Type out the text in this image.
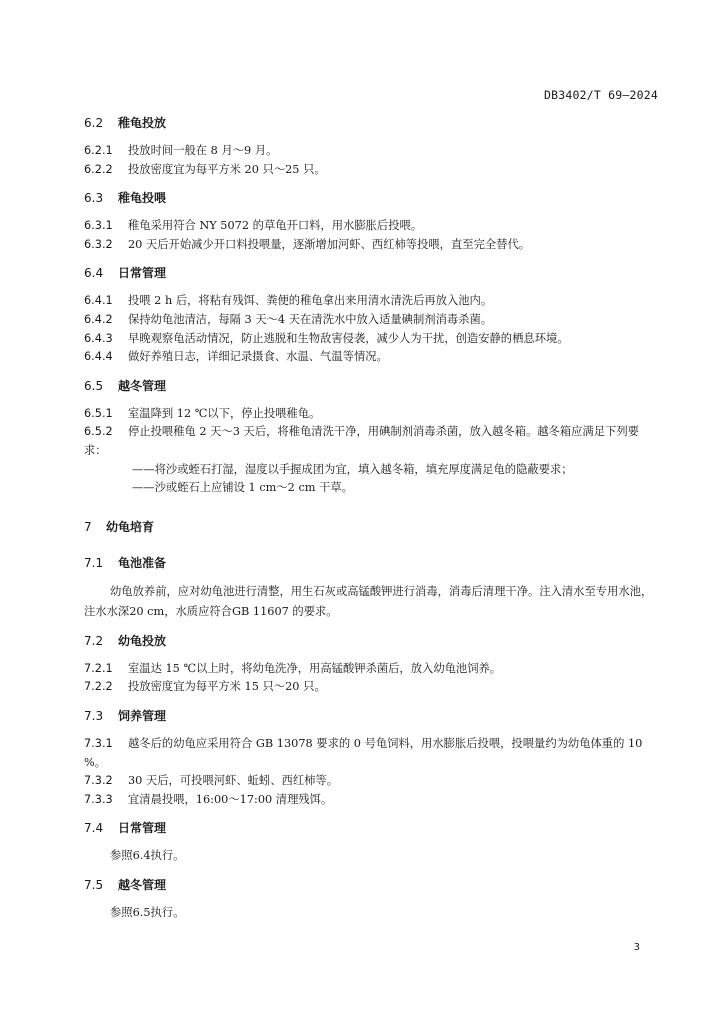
DB3402/T 69—2024
6.2 稚龟投放
6.2.1 投放时间一般在 8 月～9 月。
6.2.2 投放密度宜为每平方米 20 只～25 只。
6.3 稚龟投喂
6.3.1 稚龟采用符合 NY 5072 的草龟开口料，用水膨胀后投喂。
6.3.2 20 天后开始减少开口料投喂量，逐渐增加河虾、西红柿等投喂，直至完全替代。
6.4 日常管理
6.4.1 投喂 2 h 后，将粘有残饵、粪便的稚龟拿出来用清水清洗后再放入池内。
6.4.2 保持幼龟池清洁，每隔 3 天～4 天在清洗水中放入适量碘制剂消毒杀菌。
6.4.3 早晚观察龟活动情况，防止逃脱和生物敌害侵袭，减少人为干扰，创造安静的栖息环境。
6.4.4 做好养殖日志，详细记录摄食、水温、气温等情况。
6.5 越冬管理
6.5.1 室温降到 12 ℃以下，停止投喂稚龟。
6.5.2 停止投喂稚龟 2 天～3 天后，将稚龟清洗干净，用碘制剂消毒杀菌，放入越冬箱。越冬箱应满足下列要求：
——将沙或蛭石打湿，湿度以手握成团为宜，填入越冬箱，填充厚度满足龟的隐蔽要求；
——沙或蛭石上应铺设 1 cm～2 cm 干草。
7 幼龟培育
7.1 龟池准备

幼龟放养前，应对幼龟池进行清整，用生石灰或高锰酸钾进行消毒，消毒后清理干净。注入清水至专用水池，注水水深20 cm，水质应符合GB 11607 的要求。

7.2 幼龟投放
7.2.1 室温达 15 ℃以上时，将幼龟洗净，用高锰酸钾杀菌后，放入幼龟池饲养。
7.2.2 投放密度宜为每平方米 15 只～20 只。
7.3 饲养管理
7.3.1 越冬后的幼龟应采用符合 GB 13078 要求的 0 号龟饲料，用水膨胀后投喂，投喂量约为幼龟体重的 10 %。
7.3.2 30 天后，可投喂河虾、蚯蚓、西红柿等。
7.3.3 宜清晨投喂，16:00～17:00 清理残饵。
7.4 日常管理
参照6.4执行。
7.5 越冬管理
参照6.5执行。
3
